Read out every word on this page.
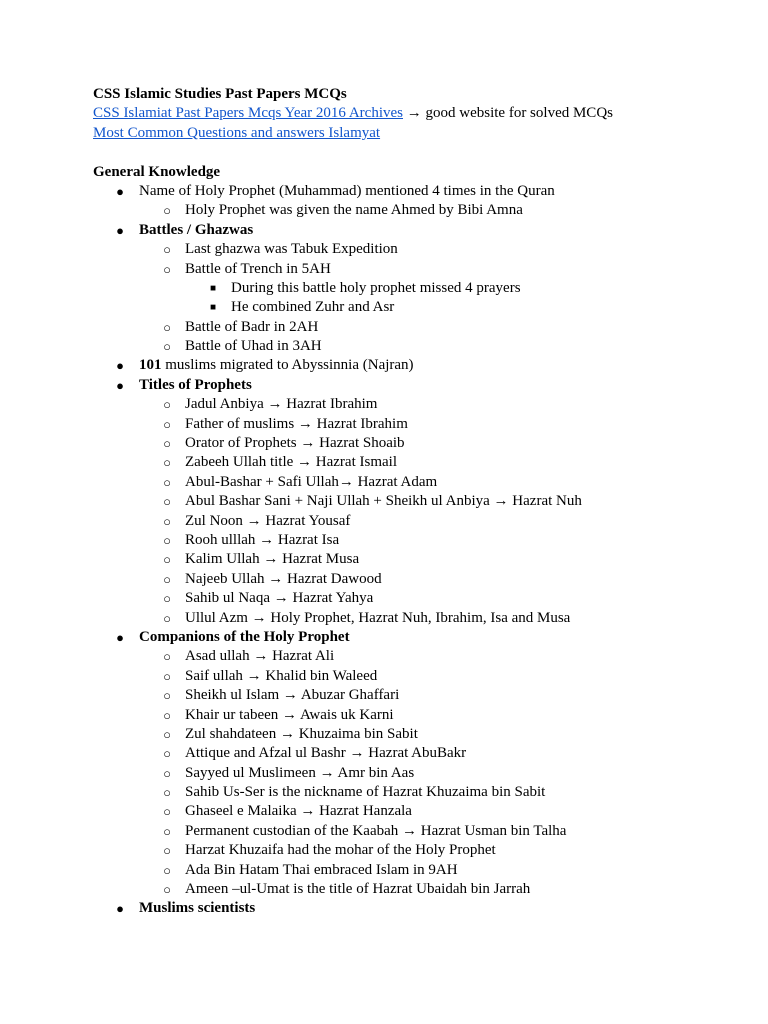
CSS Islamic Studies Past Papers MCQs
CSS Islamiat Past Papers Mcqs Year 2016 Archives → good website for solved MCQs
Most Common Questions and answers Islamyat
General Knowledge
●	Name of Holy Prophet (Muhammad) mentioned 4 times in the Quran
○ Holy Prophet was given the name Ahmed by Bibi Amna
●	Battles / Ghazwas
○ Last ghazwa was Tabuk Expedition
○ Battle of Trench in 5AH
■ During this battle holy prophet missed 4 prayers
■ He combined Zuhr and Asr
○ Battle of Badr in 2AH
○ Battle of Uhad in 3AH
●	101 muslims migrated to Abyssinnia (Najran)
●	Titles of Prophets
○ Jadul Anbiya → Hazrat Ibrahim
○ Father of muslims → Hazrat Ibrahim
○ Orator of Prophets → Hazrat Shoaib
○ Zabeeh Ullah title → Hazrat Ismail
○ Abul-Bashar + Safi Ullah→ Hazrat Adam
○ Abul Bashar Sani + Naji Ullah + Sheikh ul Anbiya → Hazrat Nuh
○ Zul Noon → Hazrat Yousaf
○ Rooh ulllah → Hazrat Isa
○ Kalim Ullah → Hazrat Musa
○ Najeeb Ullah → Hazrat Dawood
○ Sahib ul Naqa → Hazrat Yahya
○ Ullul Azm → Holy Prophet, Hazrat Nuh, Ibrahim, Isa and Musa
●	Companions of the Holy Prophet
○ Asad ullah → Hazrat Ali
○ Saif ullah → Khalid bin Waleed
○ Sheikh ul Islam → Abuzar Ghaffari
○ Khair ur tabeen → Awais uk Karni
○ Zul shahdateen → Khuzaima bin Sabit
○ Attique and Afzal ul Bashr → Hazrat AbuBakr
○ Sayyed ul Muslimeen → Amr bin Aas
○ Sahib Us-Ser is the nickname of Hazrat Khuzaima bin Sabit
○ Ghaseel e Malaika → Hazrat Hanzala
○ Permanent custodian of the Kaabah → Hazrat Usman bin Talha
○ Harzat Khuzaifa had the mohar of the Holy Prophet
○ Ada Bin Hatam Thai embraced Islam in 9AH
○ Ameen –ul-Umat is the title of Hazrat Ubaidah bin Jarrah
●	Muslims scientists
